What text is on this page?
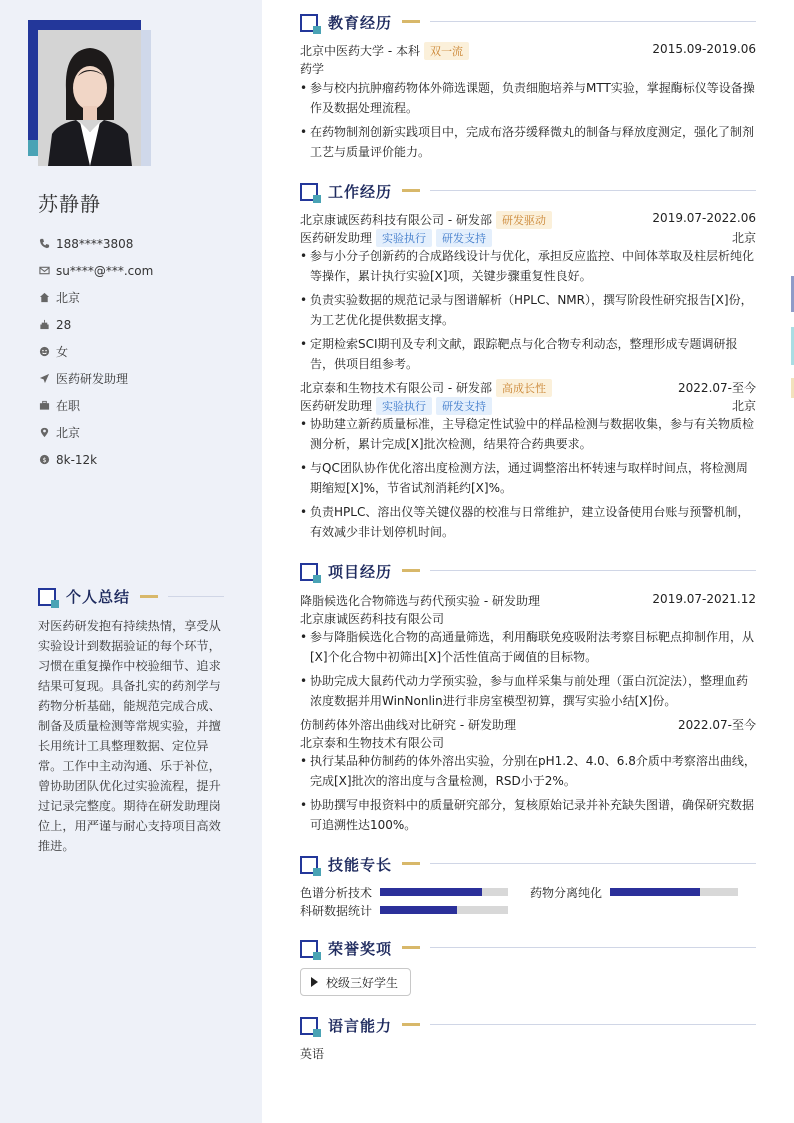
苏静静
188****3808
su****@***.com
北京
28
女
医药研发助理
在职
北京
$ 8k-12k
个人总结
对医药研发抱有持续热情，享受从实验设计到数据验证的每个环节，习惯在重复操作中校验细节、追求结果可复现。具备扎实的药剂学与药物分析基础，能规范完成合成、制备及质量检测等常规实验，并擅长用统计工具整理数据、定位异常。工作中主动沟通、乐于补位，曾协助团队优化过实验流程，提升过记录完整度。期待在研发助理岗位上，用严谨与耐心支持项目高效推进。
教育经历
北京中医药大学 - 本科 双一流	2015.09-2019.06
药学
• 参与校内抗肿瘤药物体外筛选课题，负责细胞培养与MTT实验，掌握酶标仪等设备操作及数据处理流程。
• 在药物制剂创新实践项目中，完成布洛芬缓释微丸的制备与释放度测定，强化了制剂工艺与质量评价能力。
工作经历
北京康诚医药科技有限公司 - 研发部 研发驱动	2019.07-2022.06
医药研发助理 实验执行 研发支持	北京
• 参与小分子创新药的合成路线设计与优化，承担反应监控、中间体萃取及柱层析纯化等操作，累计执行实验[X]项，关键步骤重复性良好。
• 负责实验数据的规范记录与图谱解析（HPLC、NMR），撰写阶段性研究报告[X]份，为工艺优化提供数据支撑。
• 定期检索SCI期刊及专利文献，跟踪靶点与化合物专利动态，整理形成专题调研报告，供项目组参考。
北京泰和生物技术有限公司 - 研发部 高成长性	2022.07-至今
医药研发助理 实验执行 研发支持	北京
• 协助建立新药质量标准，主导稳定性试验中的样品检测与数据收集，参与有关物质检测分析，累计完成[X]批次检测，结果符合药典要求。
• 与QC团队协作优化溶出度检测方法，通过调整溶出杯转速与取样时间点，将检测周期缩短[X]%，节省试剂消耗约[X]%。
• 负责HPLC、溶出仪等关键仪器的校准与日常维护，建立设备使用台账与预警机制，有效减少非计划停机时间。
项目经历
降脂候选化合物筛选与药代预实验 - 研发助理	2019.07-2021.12
北京康诚医药科技有限公司
• 参与降脂候选化合物的高通量筛选，利用酶联免疫吸附法考察目标靶点抑制作用，从[X]个化合物中初筛出[X]个活性值高于阈值的目标物。
• 协助完成大鼠药代动力学预实验，参与血样采集与前处理（蛋白沉淀法），整理血药浓度数据并用WinNonlin进行非房室模型初算，撰写实验小结[X]份。
仿制药体外溶出曲线对比研究 - 研发助理	2022.07-至今
北京泰和生物技术有限公司
• 执行某品种仿制药的体外溶出实验，分别在pH1.2、4.0、6.8介质中考察溶出曲线，完成[X]批次的溶出度与含量检测，RSD小于2%。
• 协助撰写申报资料中的质量研究部分，复核原始记录并补充缺失图谱，确保研究数据可追溯性达100%。
技能专长
色谱分析技术	药物分离纯化
科研数据统计
荣誉奖项
校级三好学生
语言能力
英语
